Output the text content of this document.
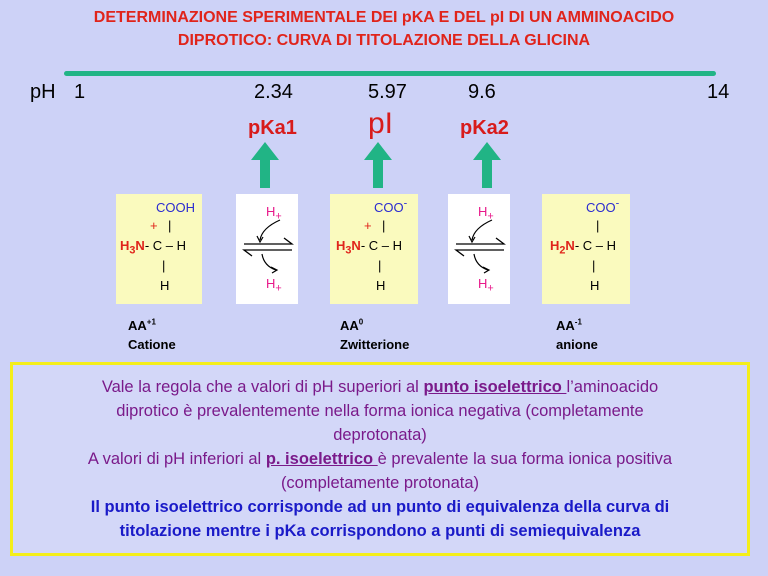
DETERMINAZIONE SPERIMENTALE DEI pKA E DEL pI DI UN AMMINOACIDO
DIPROTICO: CURVA DI TITOLAZIONE DELLA GLICINA
pH 1	2.34	5.97	9.6	14
pKa1 pI	pKa2
COOH
+ |
$H_3N-$ C – H
|
H
$H_+$
$H_+$
COO-
+ |
$H_3N-$ C – H
|
H
$H_+$
$H_+$
COO-
|
$H_2N-$ C – H
|
H
$AA^{+1}$
Catione
$AA^0$
Zwitterione
$AA^{-1}$
anione
Vale la regola che a valori di pH superiori al punto isoelettrico l’aminoacido
diprotico è prevalentemente nella forma ionica negativa (completamente
deprotonata)
A valori di pH inferiori al p. isoelettrico è prevalente la sua forma ionica positiva
(completamente protonata)
Il punto isoelettrico corrisponde ad un punto di equivalenza della curva di
titolazione mentre i pKa corrispondono a punti di semiequivalenza
